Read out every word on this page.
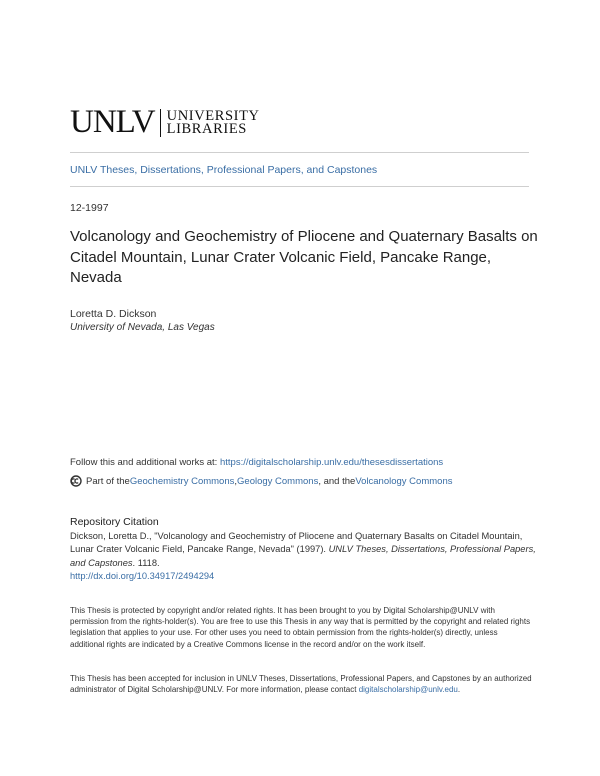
UNLV UNIVERSITY
LIBRARIES
UNLV Theses, Dissertations, Professional Papers, and Capstones
12-1997
Volcanology and Geochemistry of Pliocene and Quaternary Basalts on Citadel Mountain, Lunar Crater Volcanic Field, Pancake Range, Nevada
Loretta D. Dickson
University of Nevada, Las Vegas
Follow this and additional works at: https://digitalscholarship.unlv.edu/thesesdissertations
Part of the Geochemistry Commons , Geology Commons , and the Volcanology Commons
Repository Citation
Dickson, Loretta D., "Volcanology and Geochemistry of Pliocene and Quaternary Basalts on Citadel Mountain, Lunar Crater Volcanic Field, Pancake Range, Nevada" (1997). UNLV Theses, Dissertations, Professional Papers, and Capstones. 1118.
http://dx.doi.org/10.34917/2494294

This Thesis is protected by copyright and/or related rights. It has been brought to you by Digital Scholarship@UNLV with permission from the rights-holder(s). You are free to use this Thesis in any way that is permitted by the copyright and related rights legislation that applies to your use. For other uses you need to obtain permission from the rights-holder(s) directly, unless additional rights are indicated by a Creative Commons license in the record and/or on the work itself.

This Thesis has been accepted for inclusion in UNLV Theses, Dissertations, Professional Papers, and Capstones by an authorized administrator of Digital Scholarship@UNLV. For more information, please contact digitalscholarship@unlv.edu.
